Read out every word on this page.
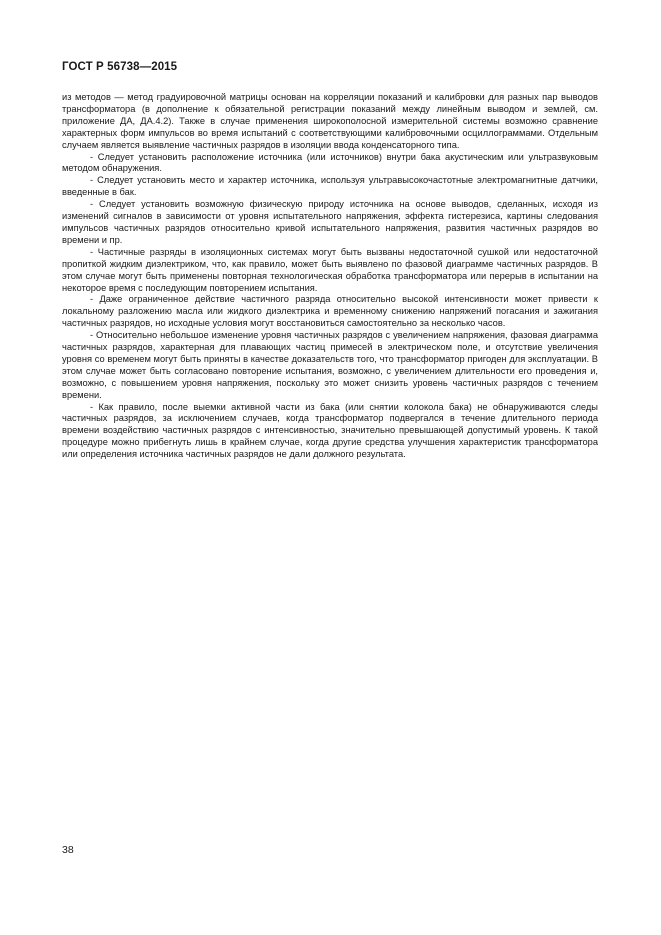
ГОСТ Р 56738—2015

из методов — метод градуировочной матрицы основан на корреляции показаний и калибровки для разных пар выводов трансформатора (в дополнение к обязательной регистрации показаний между линейным выводом и землей, см. приложение ДА, ДА.4.2). Также в случае применения широкополосной измерительной системы возможно сравнение характерных форм импульсов во время испытаний с соответствующими калибровочными осциллограммами. Отдельным случаем является выявление частичных разрядов в изоляции ввода конденсаторного типа.

- Следует установить расположение источника (или источников) внутри бака акустическим или ультразвуковым методом обнаружения.

- Следует установить место и характер источника, используя ультравысокочастотные электромагнитные датчики, введенные в бак.

- Следует установить возможную физическую природу источника на основе выводов, сделанных, исходя из изменений сигналов в зависимости от уровня испытательного напряжения, эффекта гистерезиса, картины следования импульсов частичных разрядов относительно кривой испытательного напряжения, развития частичных разрядов во времени и пр.

- Частичные разряды в изоляционных системах могут быть вызваны недостаточной сушкой или недостаточной пропиткой жидким диэлектриком, что, как правило, может быть выявлено по фазовой диаграмме частичных разрядов. В этом случае могут быть применены повторная технологическая обработка трансформатора или перерыв в испытании на некоторое время с последующим повторением испытания.

- Даже ограниченное действие частичного разряда относительно высокой интенсивности может привести к локальному разложению масла или жидкого диэлектрика и временному снижению напряжений погасания и зажигания частичных разрядов, но исходные условия могут восстановиться самостоятельно за несколько часов.

- Относительно небольшое изменение уровня частичных разрядов с увеличением напряжения, фазовая диаграмма частичных разрядов, характерная для плавающих частиц примесей в электрическом поле, и отсутствие увеличения уровня со временем могут быть приняты в качестве доказательств того, что трансформатор пригоден для эксплуатации. В этом случае может быть согласовано повторение испытания, возможно, с увеличением длительности его проведения и, возможно, с повышением уровня напряжения, поскольку это может снизить уровень частичных разрядов с течением времени.

- Как правило, после выемки активной части из бака (или снятии колокола бака) не обнаруживаются следы частичных разрядов, за исключением случаев, когда трансформатор подвергался в течение длительного периода времени воздействию частичных разрядов с интенсивностью, значительно превышающей допустимый уровень. К такой процедуре можно прибегнуть лишь в крайнем случае, когда другие средства улучшения характеристик трансформатора или определения источника частичных разрядов не дали должного результата.

38
